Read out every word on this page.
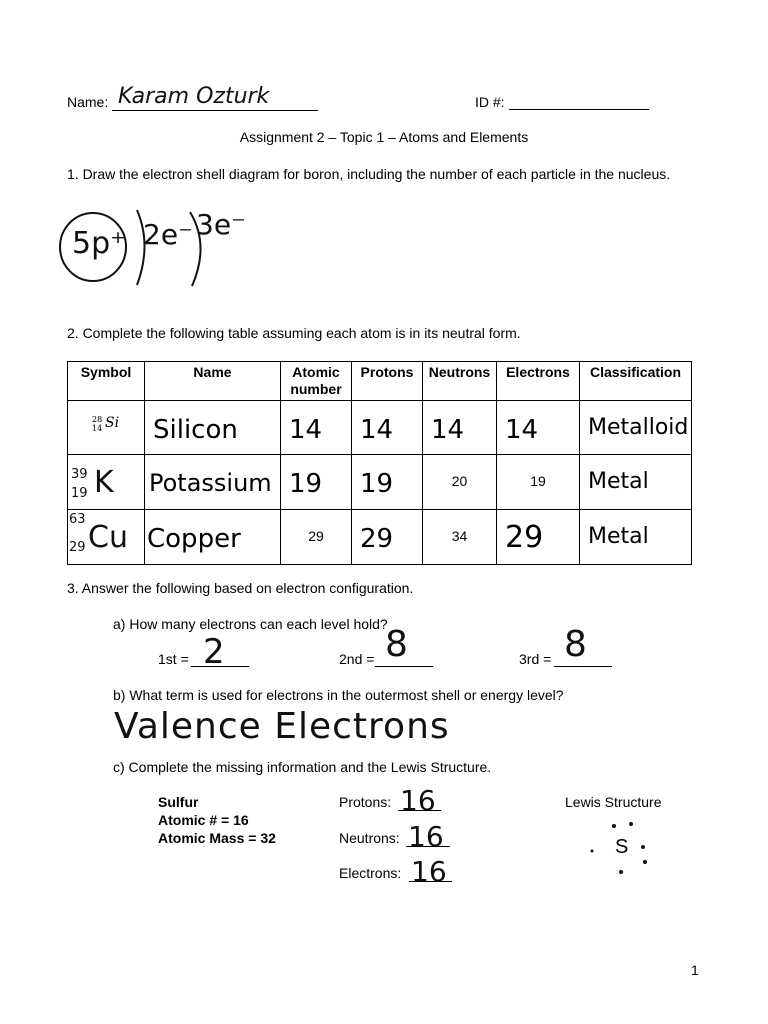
Name: Karam Ozturk	ID #:
Assignment 2 – Topic 1 – Atoms and Elements
1. Draw the electron shell diagram for boron, including the number of each particle in the nucleus.
5p⁺ 2e⁻ 3e⁻
2. Complete the following table assuming each atom is in its neutral form.
Symbol	Name	Atomic number	Protons	Neutrons	Electrons	Classification

28
14 Si	Silicon	14	14	14	14	Metalloid

39
19 K	Potassium	19	19	20	19	Metal

63
29 Cu	Copper	29	29	34	29	Metal
3. Answer the following based on electron configuration.
a) How many electrons can each level hold?
1st = 2	2nd = 8	3rd = 8
b) What term is used for electrons in the outermost shell or energy level?
Valence Electrons
c) Complete the missing information and the Lewis Structure.
Sulfur
Atomic # = 16
Atomic Mass = 32
Protons: 16
Neutrons: 16
Electrons: 16
Lewis Structure
S
1
